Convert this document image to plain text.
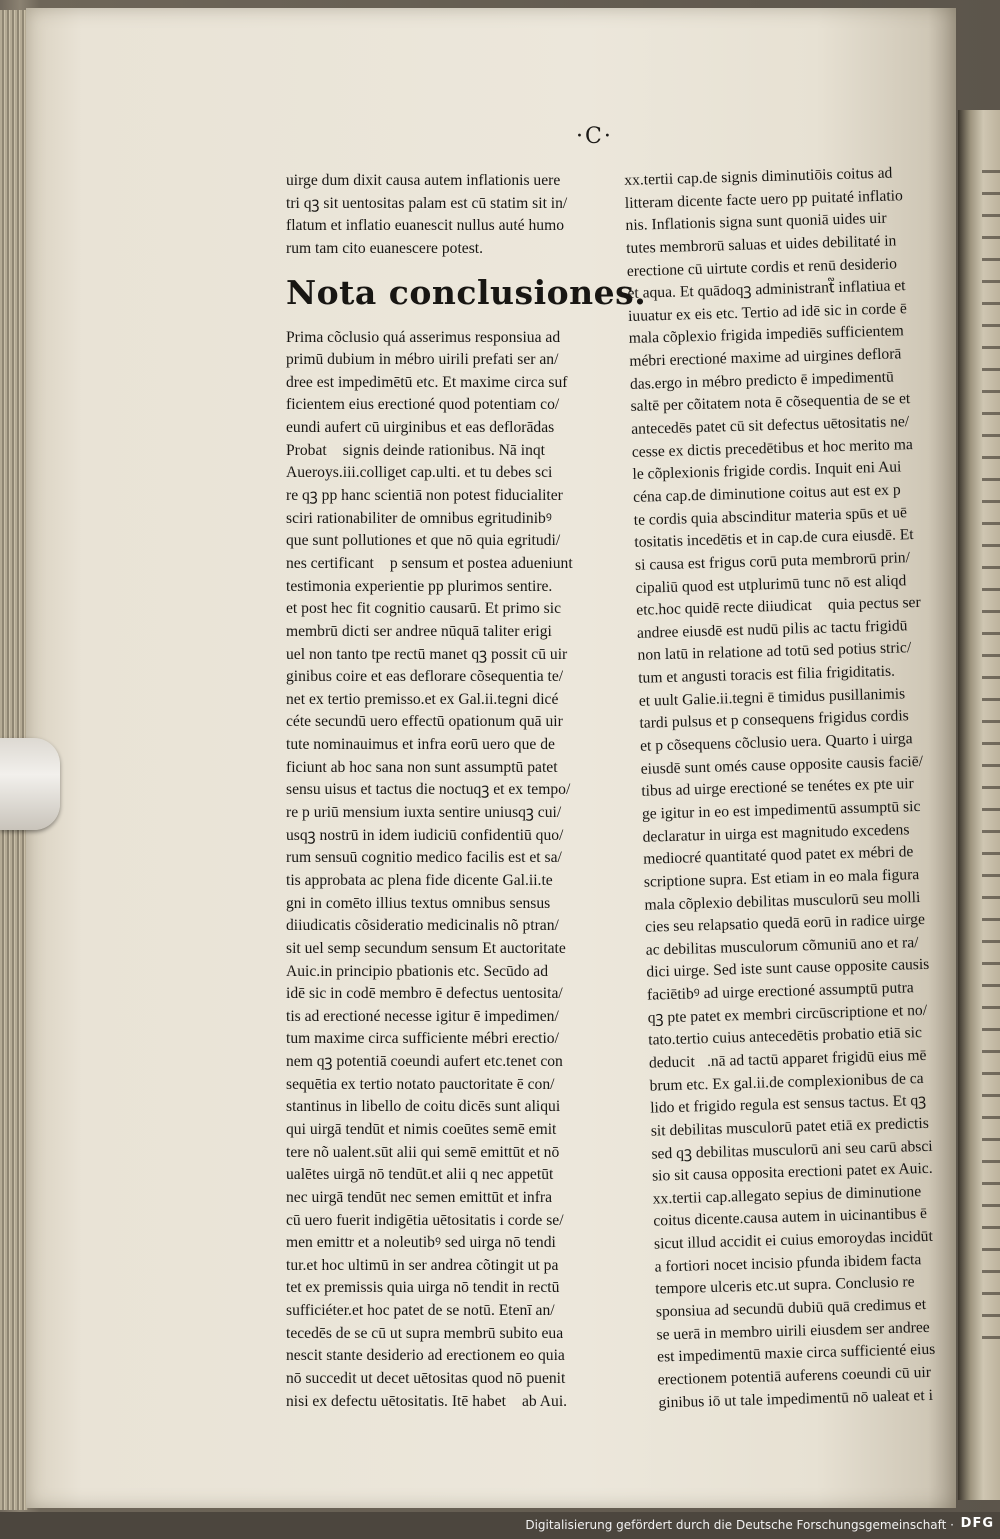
·C·
uirge dum dixit causa autem inflationis uere
tri qꝫ sit uentositas palam est cū statim sit in/
flatum et inflatio euanescit nullus auté humo
rum tam cito euanescere potest.
Nota conclusiones.
Prima cõclusio quá asserimus responsiua ad
primū dubium in mébro uirili prefati ser an/
dree est impedimētū etc. Et maxime circa suf
ficientem eius erectioné quod potentiam co/
eundi aufert cū uirginibus et eas deflorādas
Probat᷑ signis deinde rationibus. Nā inqt
Aueroys.iii.colliget cap.ulti. et tu debes sci
re qꝫ pp hanc scientiā non potest fiducialiter
sciri rationabiliter de omnibus egritudinibꝰ
que sunt pollutiones et que nō quia egritudi/
nes certificant᷑ p sensum et postea adueniunt
testimonia experientie pp plurimos sentire.
et post hec fit cognitio causarū. Et primo sic
membrū dicti ser andree nūquā taliter erigi᷑
uel non tanto tpe rectū manet qꝫ possit cū uir
ginibus coire et eas deflorare cõsequentia te/
net ex tertio premisso.et ex Gal.ii.tegni dicé
céte secundū uero effectū opationum quā uir
tute nominauimus et infra eorū uero que de
ficiunt ab hoc sana non sunt assumptū patet
sensu uisus et tactus die noctuqꝫ et ex tempo/
re p uriū mensium iuxta sentire uniusqꝫ cui/
usqꝫ nostrū in idem iudiciū confidentiū quo/
rum sensuū cognitio medico facilis est et sa/
tis approbata ac plena fide dicente Gal.ii.te
gni in comēto illius textus omnibus sensus
diiudicatis cõsideratio medicinalis nõ ptran/
sit uel semp secundum sensum Et auctoritate
Auic.in principio pbationis etc. Secūdo ad
idē sic in codē membro ē defectus uentosita/
tis ad erectioné necesse igitur ē impedimen/
tum maxime circa sufficiente mébri erectio/
nem qꝫ potentiā coeundi aufert etc.tenet con
sequētia ex tertio notato pauctoritate ē con/
stantinus in libello de coitu dicēs sunt aliqui
qui uirgā tendūt et nimis coeūtes semē emit
tere nõ ualent.sūt alii qui semē emittūt et nō
ualētes uirgā nō tendūt.et alii q nec appetūt
nec uirgā tendūt nec semen emittūt et infra
cū uero fuerit indigētia uētositatis i corde se/
men emittr et a noleutibꝰ sed uirga nō tendi
tur.et hoc ultimū in ser andrea cõtingit ut pa
tet ex premissis quia uirga nō tendit in rectū
sufficiéter.et hoc patet de se notū. Etenī an/
tecedēs de se cū ut supra membrū subito eua
nescit stante desiderio ad erectionem eo quia
nō succedit ut decet uētositas quod nō puenit
nisi ex defectu uētositatis. Itē habet᷑ ab Aui.
xx.tertii cap.de signis diminutiōis coitus ad
litteram dicente facte uero pp puitaté inflatio
nis. Inflationis signa sunt quoniā uides uir
tutes membrorū saluas et uides debilitaté in
erectione cū uirtute cordis et renū desiderio
et aqua. Et quādoqꝫ administrant᷑ inflatiua et
iuuatur ex eis etc. Tertio ad idē sic in corde ē
mala cõplexio frigida impediēs sufficientem
mébri erectioné maxime ad uirgines deflorā
das.ergo in mébro predicto ē impedimentū
saltē per cõitatem nota ē cõsequentia de se et
antecedēs patet cū sit defectus uētositatis ne/
cesse ex dictis precedētibus et hoc merito ma
le cõplexionis frigide cordis. Inquit eni Aui
céna cap.de diminutione coitus aut est ex p
te cordis quia abscinditur materia spūs et uē
tositatis incedētis et in cap.de cura eiusdē. Et
si causa est frigus corū puta membrorū prin/
cipaliū quod est utplurimū tunc nō est aliqd
etc.hoc quidē recte diiudicat᷑ quia pectus ser
andree eiusdē est nudū pilis ac tactu frigidū
non latū in relatione ad totū sed potius stric/
tum et angusti toracis est filia frigiditatis.
et uult Galie.ii.tegni ē timidus pusillanimis
tardi pulsus et p consequens frigidus cordis
et p cõsequens cõclusio uera. Quarto i uirga
eiusdē sunt omés cause opposite causis faciē/
tibus ad uirge erectioné se tenétes ex pte uir
ge igitur in eo est impedimentū assumptū sic
declaratur in uirga est magnitudo excedens
mediocré quantitaté quod patet ex mébri de
scriptione supra. Est etiam in eo mala figura
mala cõplexio debilitas musculorū seu molli
cies seu relapsatio quedā eorū in radice uirge
ac debilitas musculorum cõmuniū ano et ra/
dici uirge. Sed iste sunt cause opposite causis
faciētibꝰ ad uirge erectioné assumptū putra
qꝫ pte patet ex membri circūscriptione et no/
tato.tertio cuius antecedētis probatio etiā sic
deducit᷑.nā ad tactū apparet frigidū eius mē
brum etc. Ex gal.ii.de complexionibus de ca
lido et frigido regula est sensus tactus. Et qꝫ
sit debilitas musculorū patet etiā ex predictis
sed qꝫ debilitas musculorū ani seu carū absci
sio sit causa opposita erectioni patet ex Auic.
xx.tertii cap.allegato sepius de diminutione
coitus dicente.causa autem in uicinantibus ē
sicut illud accidit ei cuius emoroydas incidūt
a fortiori nocet incisio pfunda ibidem facta
tempore ulceris etc.ut supra. Conclusio re
sponsiua ad secundū dubiū quā credimus et
se uerā in membro uirili eiusdem ser andree
est impedimentū maxie circa sufficienté eius
erectionem potentiā auferens coeundi cū uir
ginibus iō ut tale impedimentū nō ualeat et i
Digitalisierung gefördert durch die Deutsche Forschungsgemeinschaft · DFG
